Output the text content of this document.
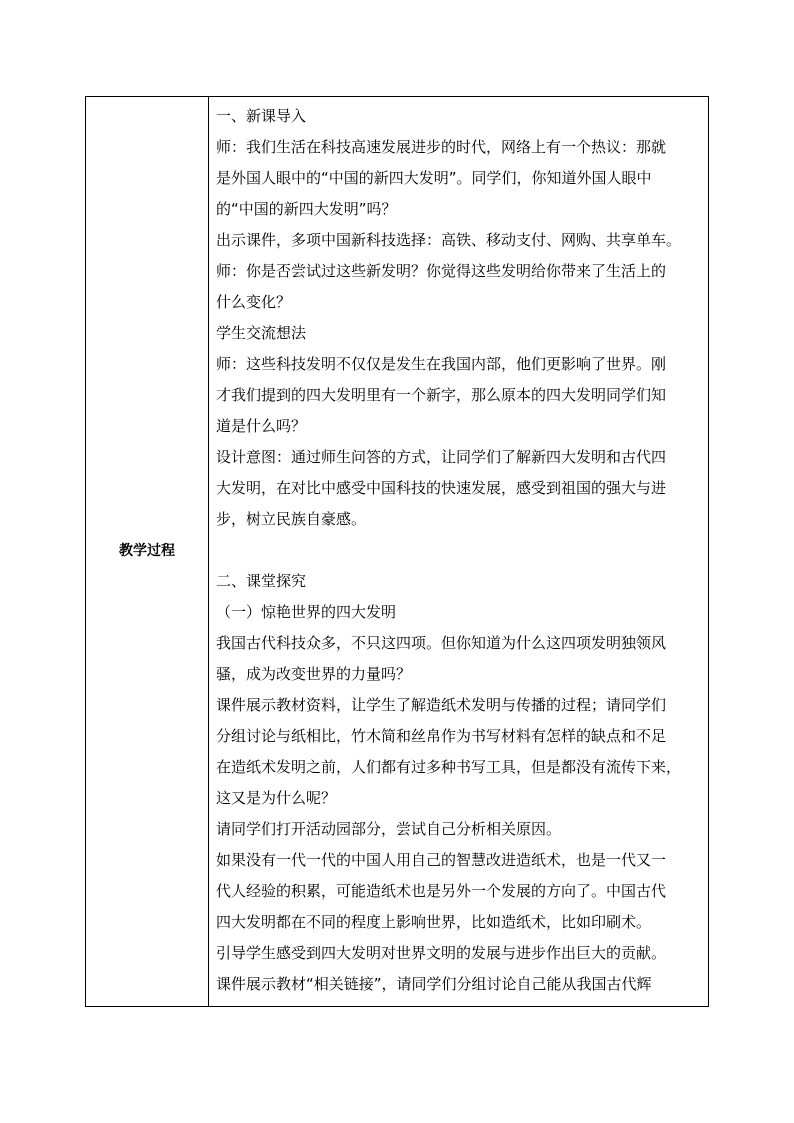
教学过程
一、新课导入
师：我们生活在科技高速发展进步的时代，网络上有一个热议：那就
是外国人眼中的“中国的新四大发明”。同学们，你知道外国人眼中
的“中国的新四大发明”吗？
出示课件，多项中国新科技选择：高铁、移动支付、网购、共享单车。
师：你是否尝试过这些新发明？你觉得这些发明给你带来了生活上的
什么变化？
学生交流想法
师：这些科技发明不仅仅是发生在我国内部，他们更影响了世界。刚
才我们提到的四大发明里有一个新字，那么原本的四大发明同学们知
道是什么吗？
设计意图：通过师生问答的方式，让同学们了解新四大发明和古代四
大发明，在对比中感受中国科技的快速发展，感受到祖国的强大与进
步，树立民族自豪感。
二、课堂探究
（一）惊艳世界的四大发明
我国古代科技众多，不只这四项。但你知道为什么这四项发明独领风
骚，成为改变世界的力量吗？
课件展示教材资料，让学生了解造纸术发明与传播的过程；请同学们
分组讨论与纸相比，竹木简和丝帛作为书写材料有怎样的缺点和不足
在造纸术发明之前，人们都有过多种书写工具，但是都没有流传下来，
这又是为什么呢？
请同学们打开活动园部分，尝试自己分析相关原因。
如果没有一代一代的中国人用自己的智慧改进造纸术，也是一代又一
代人经验的积累，可能造纸术也是另外一个发展的方向了。中国古代
四大发明都在不同的程度上影响世界，比如造纸术，比如印刷术。
引导学生感受到四大发明对世界文明的发展与进步作出巨大的贡献。
课件展示教材“相关链接”，请同学们分组讨论自己能从我国古代辉
